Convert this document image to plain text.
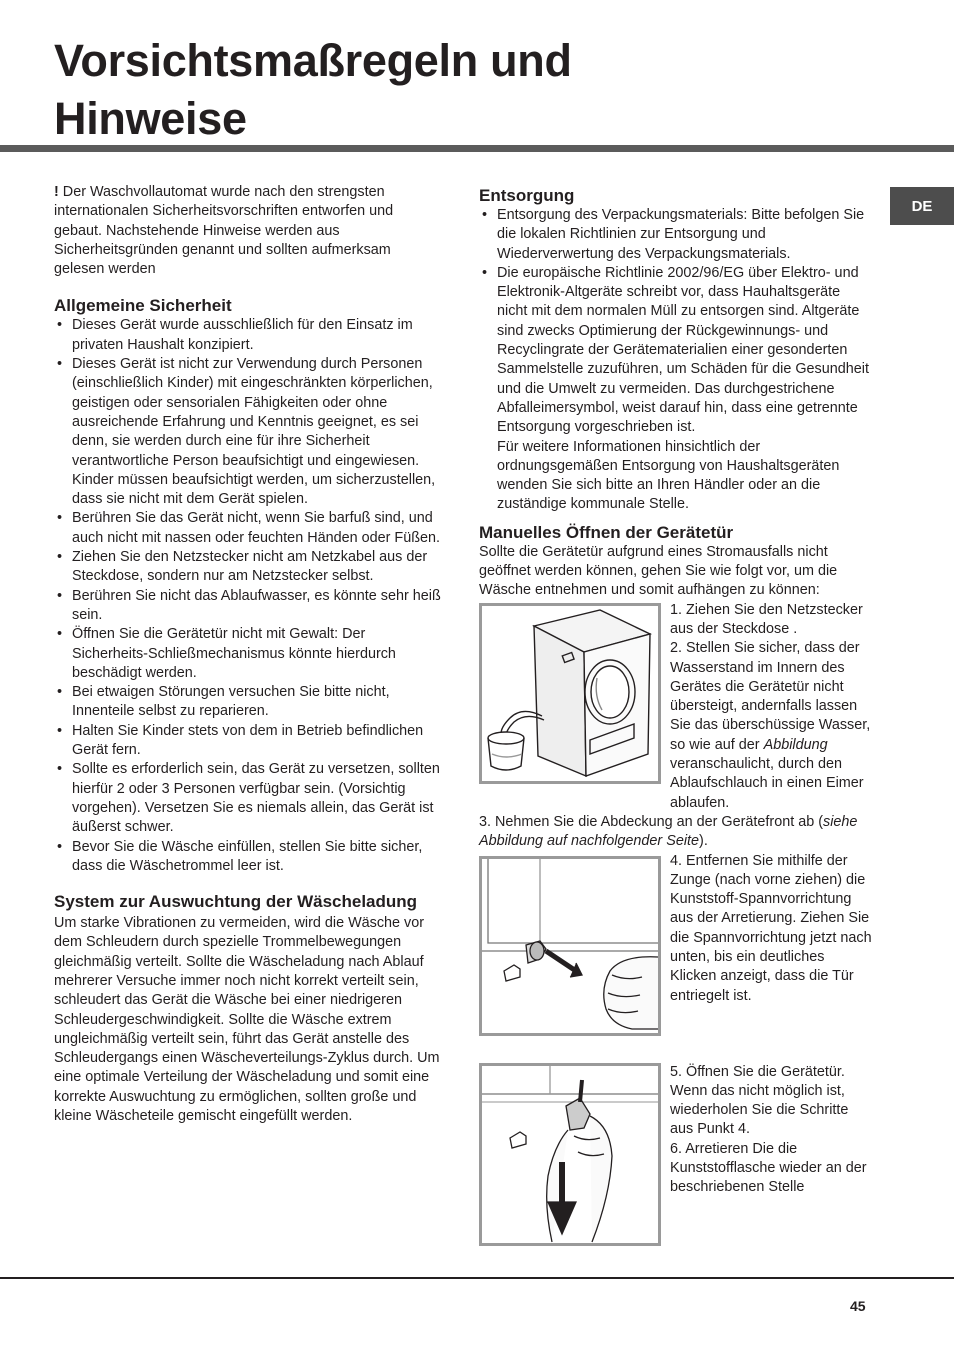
Vorsichtsmaßregeln und
Hinweise
DE

! Der Waschvollautomat wurde nach den strengsten internationalen Sicherheitsvorschriften entworfen und gebaut. Nachstehende Hinweise werden aus Sicherheitsgründen genannt und sollten aufmerksam gelesen werden

Allgemeine Sicherheit
• Dieses Gerät wurde ausschließlich für den Einsatz im privaten Haushalt konzipiert.
• Dieses Gerät ist nicht zur Verwendung durch Personen (einschließlich Kinder) mit eingeschränkten körperlichen, geistigen oder sensorialen Fähigkeiten oder ohne ausreichende Erfahrung und Kenntnis geeignet, es sei denn, sie werden durch eine für ihre Sicherheit verantwortliche Person beaufsichtigt und eingewiesen. Kinder müssen beaufsichtigt werden, um sicherzustellen, dass sie nicht mit dem Gerät spielen.
• Berühren Sie das Gerät nicht, wenn Sie barfuß sind, und auch nicht mit nassen oder feuchten Händen oder Füßen.
• Ziehen Sie den Netzstecker nicht am Netzkabel aus der Steckdose, sondern nur am Netzstecker selbst.
• Berühren Sie nicht das Ablaufwasser, es könnte sehr heiß sein.
• Öffnen Sie die Gerätetür nicht mit Gewalt: Der Sicherheits-Schließmechanismus könnte hierdurch beschädigt werden.
• Bei etwaigen Störungen versuchen Sie bitte nicht, Innenteile selbst zu reparieren.
• Halten Sie Kinder stets von dem in Betrieb befindlichen Gerät fern.
• Sollte es erforderlich sein, das Gerät zu versetzen, sollten hierfür 2 oder 3 Personen verfügbar sein. (Vorsichtig vorgehen). Versetzen Sie es niemals allein, das Gerät ist äußerst schwer.
• Bevor Sie die Wäsche einfüllen, stellen Sie bitte sicher, dass die Wäschetrommel leer ist.
System zur Auswuchtung der Wäscheladung

Um starke Vibrationen zu vermeiden, wird die Wäsche vor dem Schleudern durch spezielle Trommelbewegungen gleichmäßig verteilt. Sollte die Wäscheladung nach Ablauf mehrerer Versuche immer noch nicht korrekt verteilt sein, schleudert das Gerät die Wäsche bei einer niedrigeren Schleudergeschwindigkeit. Sollte die Wäsche extrem ungleichmäßig verteilt sein, führt das Gerät anstelle des Schleudergangs einen Wäscheverteilungs-Zyklus durch. Um eine optimale Verteilung der Wäscheladung und somit eine korrekte Auswuchtung zu ermöglichen, sollten große und kleine Wäscheteile gemischt eingefüllt werden.

Entsorgung
• Entsorgung des Verpackungsmaterials: Bitte befolgen Sie die lokalen Richtlinien zur Entsorgung und Wiederverwertung des Verpackungsmaterials.
• Die europäische Richtlinie 2002/96/EG über Elektro- und Elektronik-Altgeräte schreibt vor, dass Hauhaltsgeräte nicht mit dem normalen Müll zu entsorgen sind. Altgeräte sind zwecks Optimierung der Rückgewinnungs- und Recyclingrate der Gerätematerialien einer gesonderten Sammelstelle zuzuführen, um Schäden für die Gesundheit und die Umwelt zu vermeiden. Das durchgestrichene Abfalleimersymbol, weist darauf hin, dass eine getrennte Entsorgung vorgeschrieben ist.
Für weitere Informationen hinsichtlich der ordnungsgemäßen Entsorgung von Haushaltsgeräten wenden Sie sich bitte an Ihren Händler oder an die zuständige kommunale Stelle.
Manuelles Öffnen der Gerätetür

Sollte die Gerätetür aufgrund eines Stromausfalls nicht geöffnet werden können, gehen Sie wie folgt vor, um die Wäsche entnehmen und somit aufhängen zu können:

1. Ziehen Sie den Netzstecker aus der Steckdose .

2. Stellen Sie sicher, dass der Wasserstand im Innern des Gerätes die Gerätetür nicht übersteigt, andernfalls lassen Sie das überschüssige Wasser, so wie auf der Abbildung veranschaulicht, durch den Ablaufschlauch in einen Eimer ablaufen.

3. Nehmen Sie die Abdeckung an der Gerätefront ab (siehe Abbildung auf nachfolgender Seite).

4. Entfernen Sie mithilfe der Zunge (nach vorne ziehen) die Kunststoff-Spannvorrichtung aus der Arretierung. Ziehen Sie die Spannvorrichtung jetzt nach unten, bis ein deutliches Klicken anzeigt, dass die Tür entriegelt ist.

5. Öffnen Sie die Gerätetür. Wenn das nicht möglich ist, wiederholen Sie die Schritte aus Punkt 4.

6. Arretieren Die die Kunststofflasche wieder an der beschriebenen Stelle

45
